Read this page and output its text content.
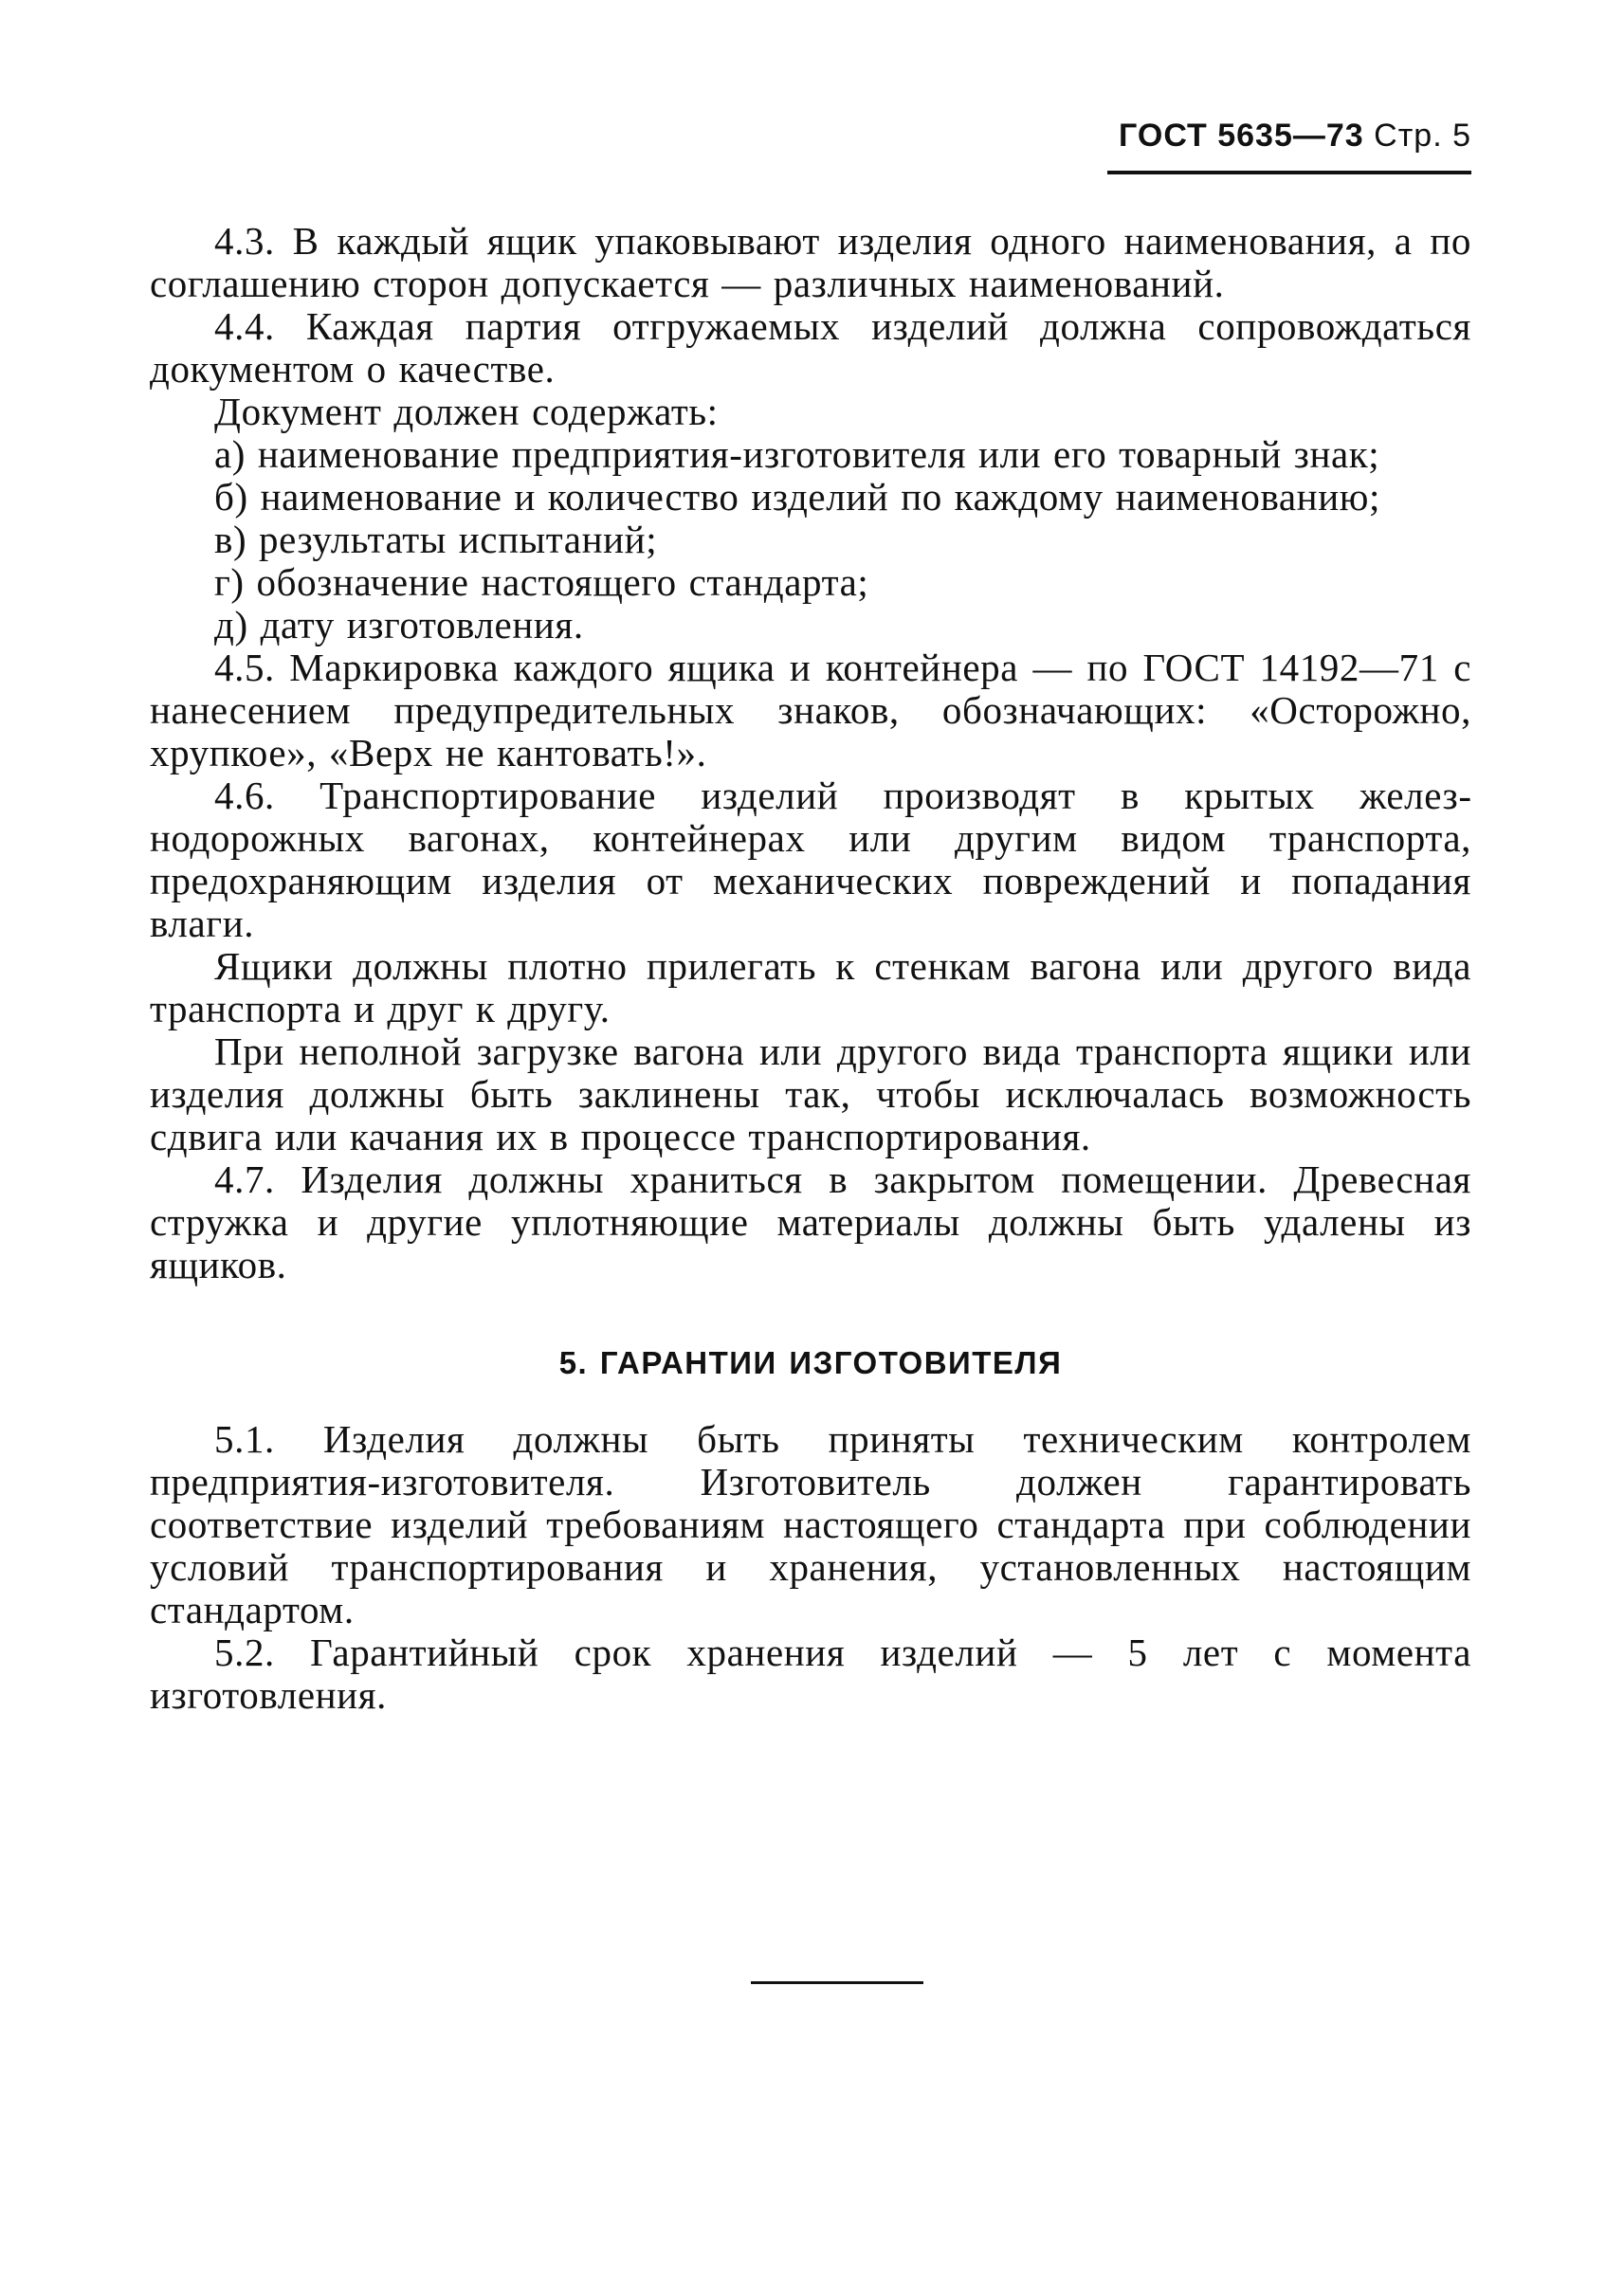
ГОСТ 5635—73 Стр. 5

4.3. В каждый ящик упаковывают изделия одного наименования, а по соглашению сторон допускается — различных наименований.

4.4. Каждая партия отгружаемых изделий должна сопровождаться документом о качестве.

Документ должен содержать:

а) наименование предприятия-изготовителя или его товарный знак;

б) наименование и количество изделий по каждому наименованию;

в) результаты испытаний;

г) обозначение настоящего стандарта;

д) дату изготовления.

4.5. Маркировка каждого ящика и контейнера — по ГОСТ 14192—71 с нанесением предупредительных знаков, обозначающих: «Осторожно, хрупкое», «Верх не кантовать!».

4.6. Транспортирование изделий производят в крытых железнодорожных вагонах, контейнерах или другим видом транспорта, предохраняющим изделия от механических повреждений и попадания влаги.

Ящики должны плотно прилегать к стенкам вагона или другого вида транспорта и друг к другу.

При неполной загрузке вагона или другого вида транспорта ящики или изделия должны быть заклинены так, чтобы исключалась возможность сдвига или качания их в процессе транспортирования.

4.7. Изделия должны храниться в закрытом помещении. Древесная стружка и другие уплотняющие материалы должны быть удалены из ящиков.

5. ГАРАНТИИ ИЗГОТОВИТЕЛЯ

5.1. Изделия должны быть приняты техническим контролем предприятия-изготовителя. Изготовитель должен гарантировать соответствие изделий требованиям настоящего стандарта при соблюдении условий транспортирования и хранения, установленных настоящим стандартом.

5.2. Гарантийный срок хранения изделий — 5 лет с момента изготовления.
